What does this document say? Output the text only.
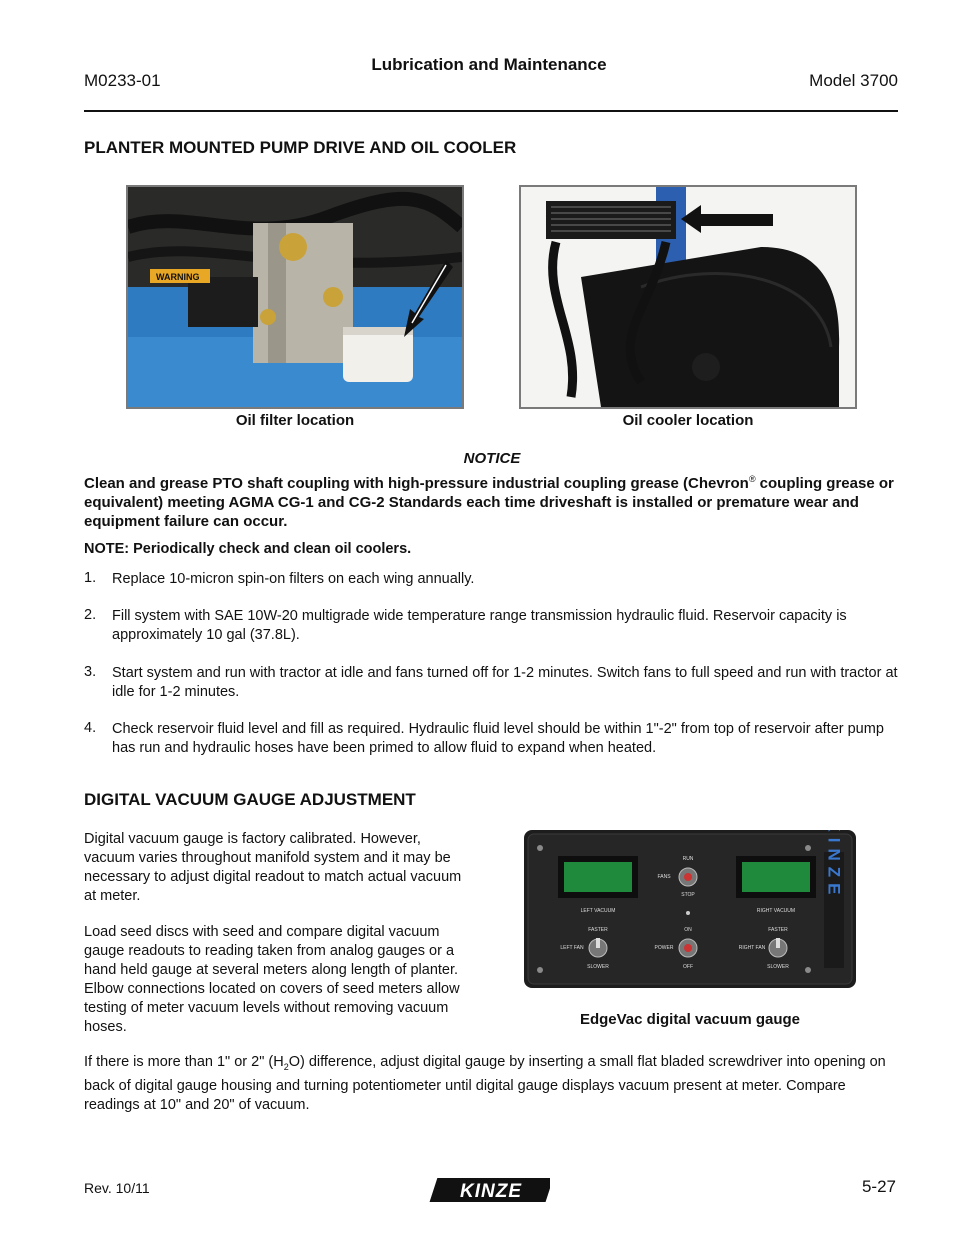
Lubrication and Maintenance
M0233-01	Model 3700
PLANTER MOUNTED PUMP DRIVE AND OIL COOLER
WARNING
Oil filter location	Oil cooler location
NOTICE
Clean and grease PTO shaft coupling with high-pressure industrial coupling grease (Chevron® coupling grease or equivalent) meeting AGMA CG-1 and CG-2 Standards each time driveshaft is installed or premature wear and equipment failure can occur.
NOTE: Periodically check and clean oil coolers.
1. Replace 10-micron spin-on filters on each wing annually.
2. Fill system with SAE 10W-20 multigrade wide temperature range transmission hydraulic fluid. Reservoir capacity is approximately 10 gal (37.8L).
3. Start system and run with tractor at idle and fans turned off for 1-2 minutes. Switch fans to full speed and run with tractor at idle for 1-2 minutes.
4. Check reservoir fluid level and fill as required. Hydraulic fluid level should be within 1"-2" from top of reservoir after pump has run and hydraulic hoses have been primed to allow fluid to expand when heated.
DIGITAL VACUUM GAUGE ADJUSTMENT
Digital vacuum gauge is factory calibrated. However, vacuum varies throughout manifold system and it may be necessary to adjust digital readout to match actual vacuum at meter.
Load seed discs with seed and compare digital vacuum gauge readouts to reading taken from analog gauges or a hand held gauge at several meters along length of planter. Elbow connections located on covers of seed meters allow testing of meter vacuum levels without removing vacuum hoses.
LEFT VACUUM	RIGHT VACUUM
RUN
FANS
STOP
ON
POWER
OFF
FASTER
LEFT FAN
SLOWER
FASTER
RIGHT FAN
SLOWER
KINZE
EdgeVac digital vacuum gauge
If there is more than 1" or 2" $(H_2O)$ difference, adjust digital gauge by inserting a small flat bladed screwdriver into opening on back of digital gauge housing and turning potentiometer until digital gauge displays vacuum present at meter. Compare readings at 10" and 20" of vacuum.
Rev. 10/11	KINZE	5-27
